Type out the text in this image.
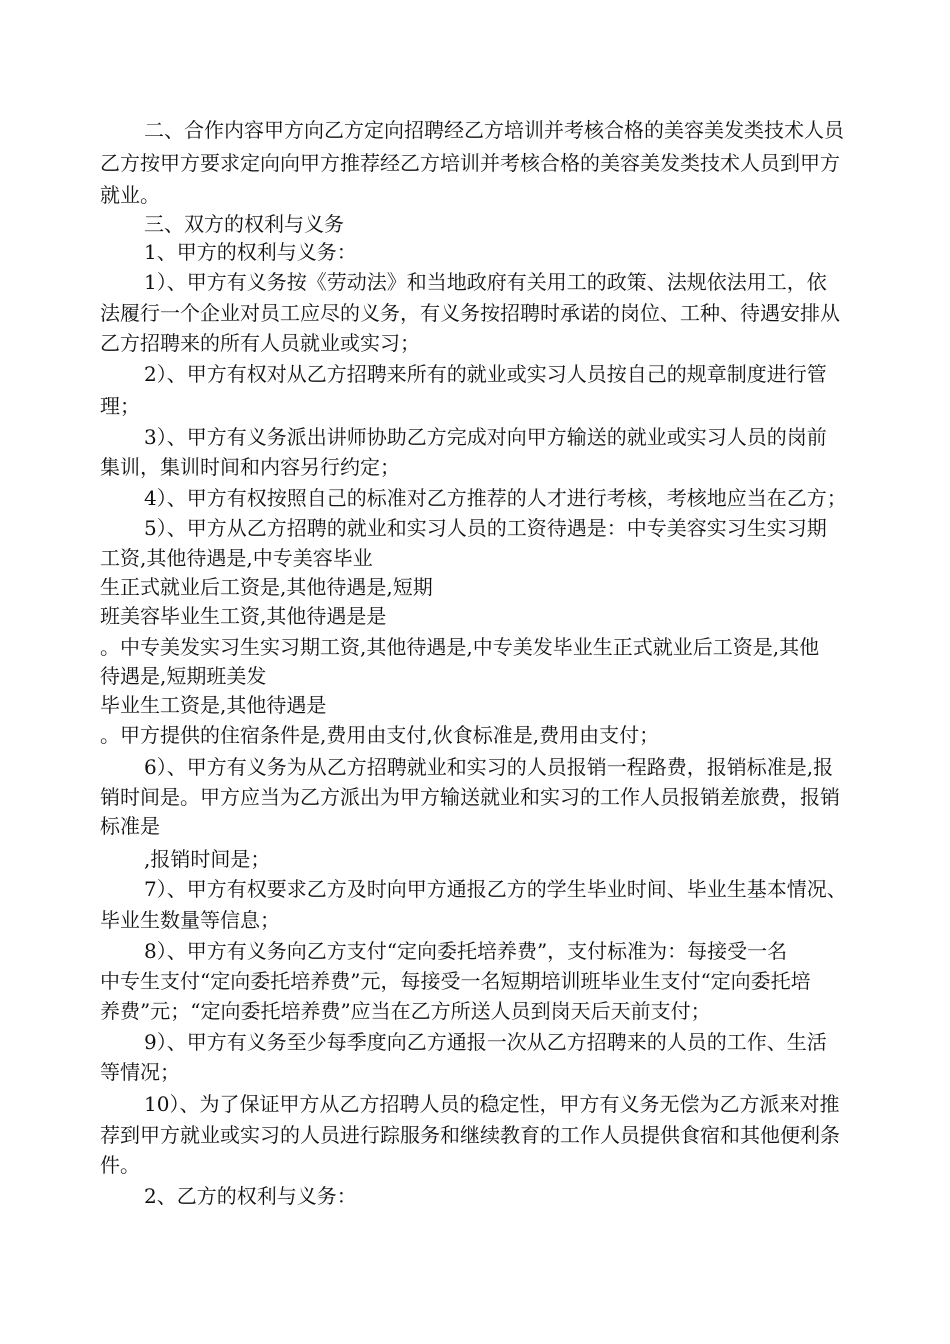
二、合作内容甲方向乙方定向招聘经乙方培训并考核合格的美容美发类技术人员

乙方按甲方要求定向向甲方推荐经乙方培训并考核合格的美容美发类技术人员到甲方

就业。

三、双方的权利与义务

1、甲方的权利与义务：

1）、甲方有义务按《劳动法》和当地政府有关用工的政策、法规依法用工，依

法履行一个企业对员工应尽的义务，有义务按招聘时承诺的岗位、工种、待遇安排从

乙方招聘来的所有人员就业或实习；

2）、甲方有权对从乙方招聘来所有的就业或实习人员按自己的规章制度进行管

理；

3）、甲方有义务派出讲师协助乙方完成对向甲方输送的就业或实习人员的岗前

集训，集训时间和内容另行约定；

4）、甲方有权按照自己的标准对乙方推荐的人才进行考核，考核地应当在乙方；

5）、甲方从乙方招聘的就业和实习人员的工资待遇是：中专美容实习生实习期

工资,其他待遇是,中专美容毕业

生正式就业后工资是,其他待遇是,短期

班美容毕业生工资,其他待遇是是

。中专美发实习生实习期工资,其他待遇是,中专美发毕业生正式就业后工资是,其他

待遇是,短期班美发

毕业生工资是,其他待遇是

。甲方提供的住宿条件是,费用由支付,伙食标准是,费用由支付；

6）、甲方有义务为从乙方招聘就业和实习的人员报销一程路费，报销标准是,报

销时间是。甲方应当为乙方派出为甲方输送就业和实习的工作人员报销差旅费，报销

标准是

,报销时间是；

7）、甲方有权要求乙方及时向甲方通报乙方的学生毕业时间、毕业生基本情况、

毕业生数量等信息；

8）、甲方有义务向乙方支付“定向委托培养费”，支付标准为：每接受一名

中专生支付“定向委托培养费”元，每接受一名短期培训班毕业生支付“定向委托培

养费”元；“定向委托培养费”应当在乙方所送人员到岗天后天前支付；

9）、甲方有义务至少每季度向乙方通报一次从乙方招聘来的人员的工作、生活

等情况；

10）、为了保证甲方从乙方招聘人员的稳定性，甲方有义务无偿为乙方派来对推

荐到甲方就业或实习的人员进行踪服务和继续教育的工作人员提供食宿和其他便利条

件。

2、乙方的权利与义务：
